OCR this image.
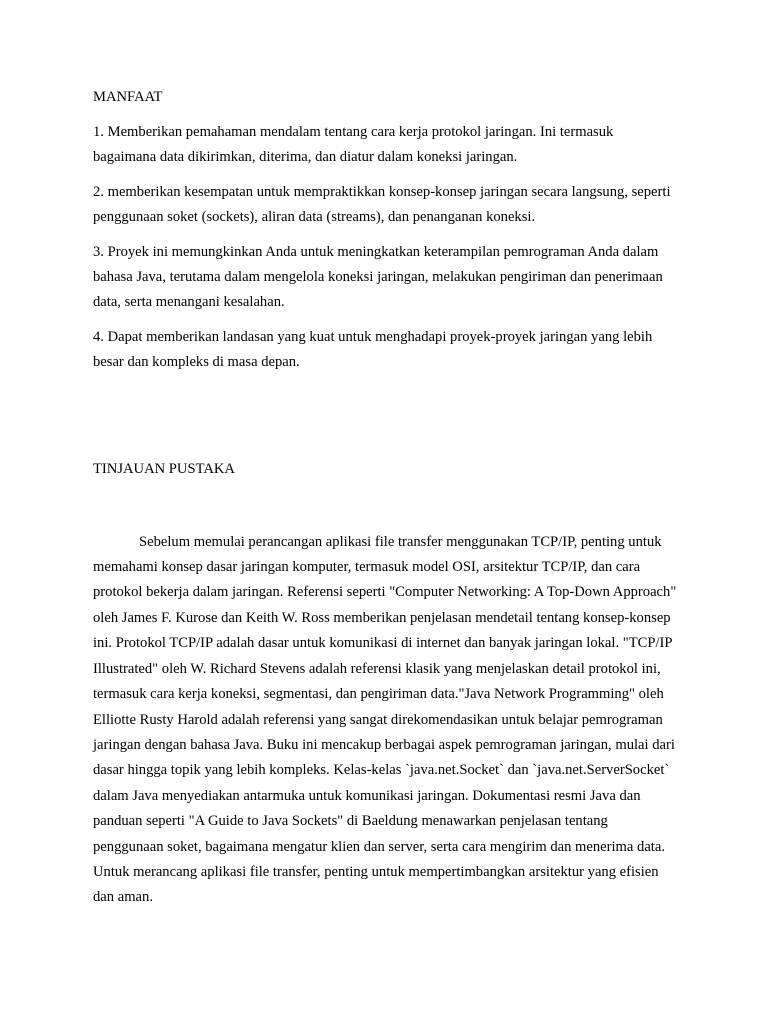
MANFAAT

1. Memberikan pemahaman mendalam tentang cara kerja protokol jaringan. Ini termasuk bagaimana data dikirimkan, diterima, dan diatur dalam koneksi jaringan.

2. memberikan kesempatan untuk mempraktikkan konsep-konsep jaringan secara langsung, seperti penggunaan soket (sockets), aliran data (streams), dan penanganan koneksi.

3. Proyek ini memungkinkan Anda untuk meningkatkan keterampilan pemrograman Anda dalam bahasa Java, terutama dalam mengelola koneksi jaringan, melakukan pengiriman dan penerimaan data, serta menangani kesalahan.

4. Dapat memberikan landasan yang kuat untuk menghadapi proyek-proyek jaringan yang lebih besar dan kompleks di masa depan.

TINJAUAN PUSTAKA

Sebelum memulai perancangan aplikasi file transfer menggunakan TCP/IP, penting untuk memahami konsep dasar jaringan komputer, termasuk model OSI, arsitektur TCP/IP, dan cara protokol bekerja dalam jaringan. Referensi seperti "Computer Networking: A Top-Down Approach" oleh James F. Kurose dan Keith W. Ross memberikan penjelasan mendetail tentang konsep-konsep ini. Protokol TCP/IP adalah dasar untuk komunikasi di internet dan banyak jaringan lokal. "TCP/IP Illustrated" oleh W. Richard Stevens adalah referensi klasik yang menjelaskan detail protokol ini, termasuk cara kerja koneksi, segmentasi, dan pengiriman data."Java Network Programming" oleh Elliotte Rusty Harold adalah referensi yang sangat direkomendasikan untuk belajar pemrograman jaringan dengan bahasa Java. Buku ini mencakup berbagai aspek pemrograman jaringan, mulai dari dasar hingga topik yang lebih kompleks. Kelas-kelas `java.net.Socket` dan `java.net.ServerSocket` dalam Java menyediakan antarmuka untuk komunikasi jaringan. Dokumentasi resmi Java dan panduan seperti "A Guide to Java Sockets" di Baeldung menawarkan penjelasan tentang penggunaan soket, bagaimana mengatur klien dan server, serta cara mengirim dan menerima data. Untuk merancang aplikasi file transfer, penting untuk mempertimbangkan arsitektur yang efisien dan aman.
